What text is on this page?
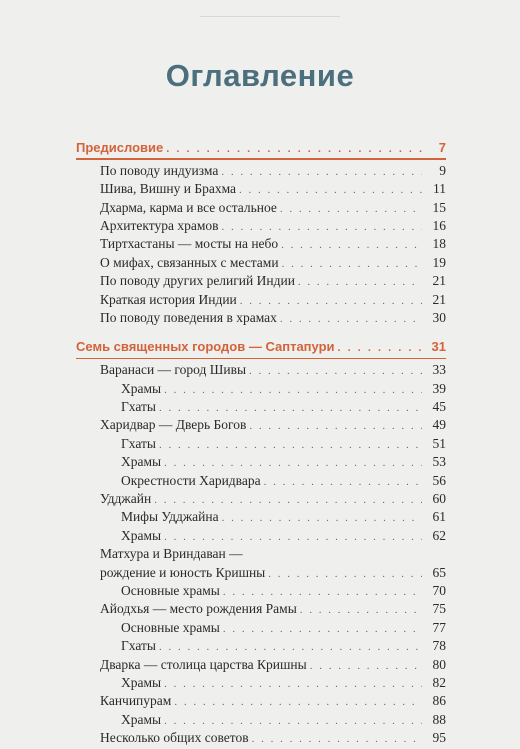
Оглавление
Предисловие . . .	7
По поводу индуизма . . .	9
Шива, Вишну и Брахма . . .	11
Дхарма, карма и все остальное . . .	15
Архитектура храмов . . .	16
Тиртхастаны — мосты на небо . . .	18
О мифах, связанных с местами . . .	19
По поводу других религий Индии . . .	21
Краткая история Индии . . .	21
По поводу поведения в храмах . . .	30
Семь священных городов — Саптапури . . .	31
Варанаси — город Шивы . . .	33
Храмы . . .	39
Гхаты . . .	45
Харидвар — Дверь Богов . . .	49
Гхаты . . .	51
Храмы . . .	53
Окрестности Харидвара . . .	56
Удджайн . . .	60
Мифы Удджайна . . .	61
Храмы . . .	62
Матхура и Вриндаван —
рождение и юность Кришны . . .	65
Основные храмы . . .	70
Айодхья — место рождения Рамы . . .	75
Основные храмы . . .	77
Гхаты . . .	78
Дварка — столица царства Кришны . . .	80
Храмы . . .	82
Канчипурам . . .	86
Храмы . . .	88
Несколько общих советов . . .	95
